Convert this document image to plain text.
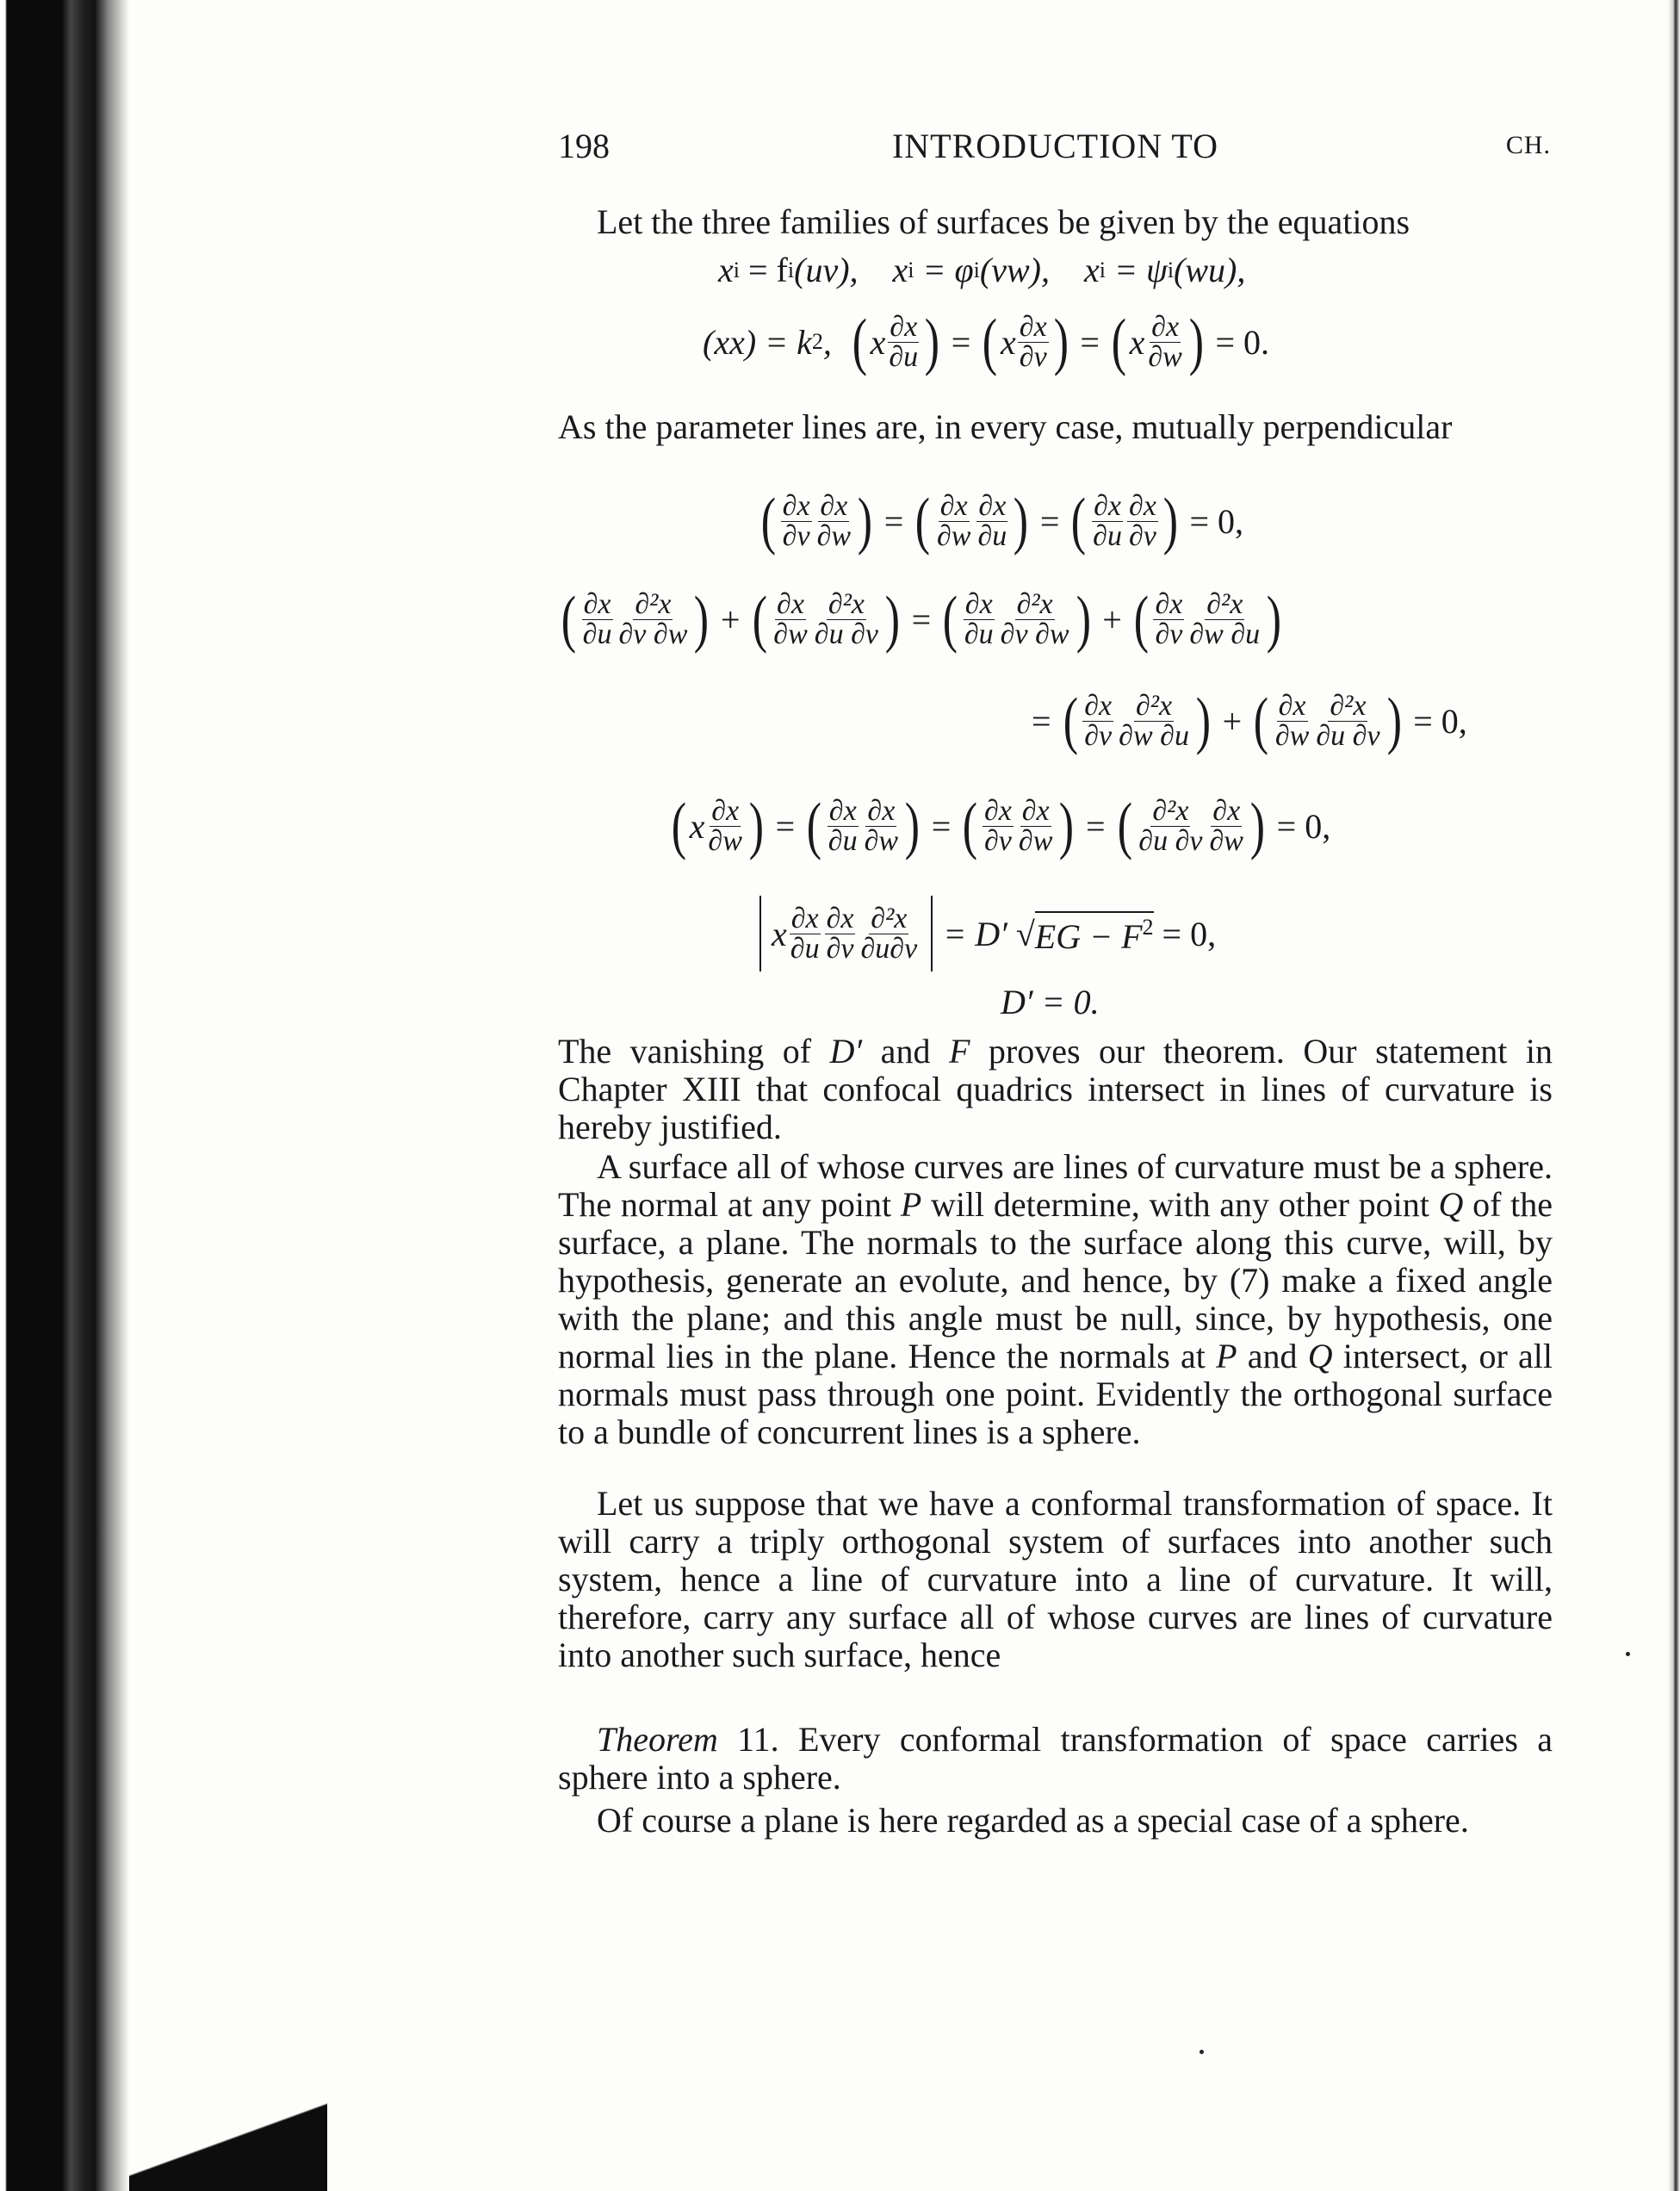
198	INTRODUCTION TO	CH.
Let the three families of surfaces be given by the equations
x i
= f i (uv),
x i
= φ i (vw),
x i
= ψ i (wu),
(xx) = k 2 ,
( x $\frac{\partial x}{\partial u}$ ) = ( x $\frac{\partial x}{\partial v}$ ) = ( x $\frac{\partial x}{\partial w}$ ) = 0.
As the parameter lines are, in every case, mutually perpendicular
( $\frac{\partial x}{\partial v} \frac{\partial x}{\partial w}$ ) = ( $\frac{\partial x}{\partial w} \frac{\partial x}{\partial u}$ ) = ( $\frac{\partial x}{\partial u} \frac{\partial x}{\partial v}$ ) = 0,
( $\frac{\partial x}{\partial u} \frac{\text{∂²x}}{\partial v \partial w}$ ) + ( $\frac{\partial x}{\partial w} \frac{\text{∂²x}}{\partial u \partial v}$ ) = ( $\frac{\partial x}{\partial u} \frac{\text{∂²x}}{\partial v \partial w}$ ) + ( $\frac{\partial x}{\partial v} \frac{\text{∂²x}}{\partial w \partial u}$ )
= ( $\frac{\partial x}{\partial v} \frac{\text{∂²x}}{\partial w \partial u}$ ) + ( $\frac{\partial x}{\partial w} \frac{\text{∂²x}}{\partial u \partial v}$ ) = 0,
( x $\frac{\partial x}{\partial w}$ ) = ( $\frac{\partial x}{\partial u} \frac{\partial x}{\partial w}$ ) = ( $\frac{\partial x}{\partial v} \frac{\partial x}{\partial w}$ ) = ( $\frac{\text{∂²x}}{\partial u \partial v} \frac{\partial x}{\partial w}$ ) = 0,
x $\frac{\partial x}{\partial u} \frac{\partial x}{\partial v} \frac{\text{∂²x}}{\partial u\partial v} = D'$ √ EG − $F^2 = 0$,
D′ = 0.

The vanishing of D′ and F proves our theorem. Our statement in Chapter XIII that confocal quadrics intersect in lines of curvature is hereby justified.

A surface all of whose curves are lines of curvature must be a sphere. The normal at any point P will determine, with any other point Q of the surface, a plane. The normals to the surface along this curve, will, by hypothesis, generate an evolute, and hence, by (7) make a fixed angle with the plane; and this angle must be null, since, by hypothesis, one normal lies in the plane. Hence the normals at P and Q intersect, or all normals must pass through one point. Evidently the orthogonal surface to a bundle of concurrent lines is a sphere.

Let us suppose that we have a conformal transformation of space. It will carry a triply orthogonal system of surfaces into another such system, hence a line of curvature into a line of curvature. It will, therefore, carry any surface all of whose curves are lines of curvature into another such surface, hence

Theorem 11. Every conformal transformation of space carries a sphere into a sphere.

Of course a plane is here regarded as a special case of a sphere.
